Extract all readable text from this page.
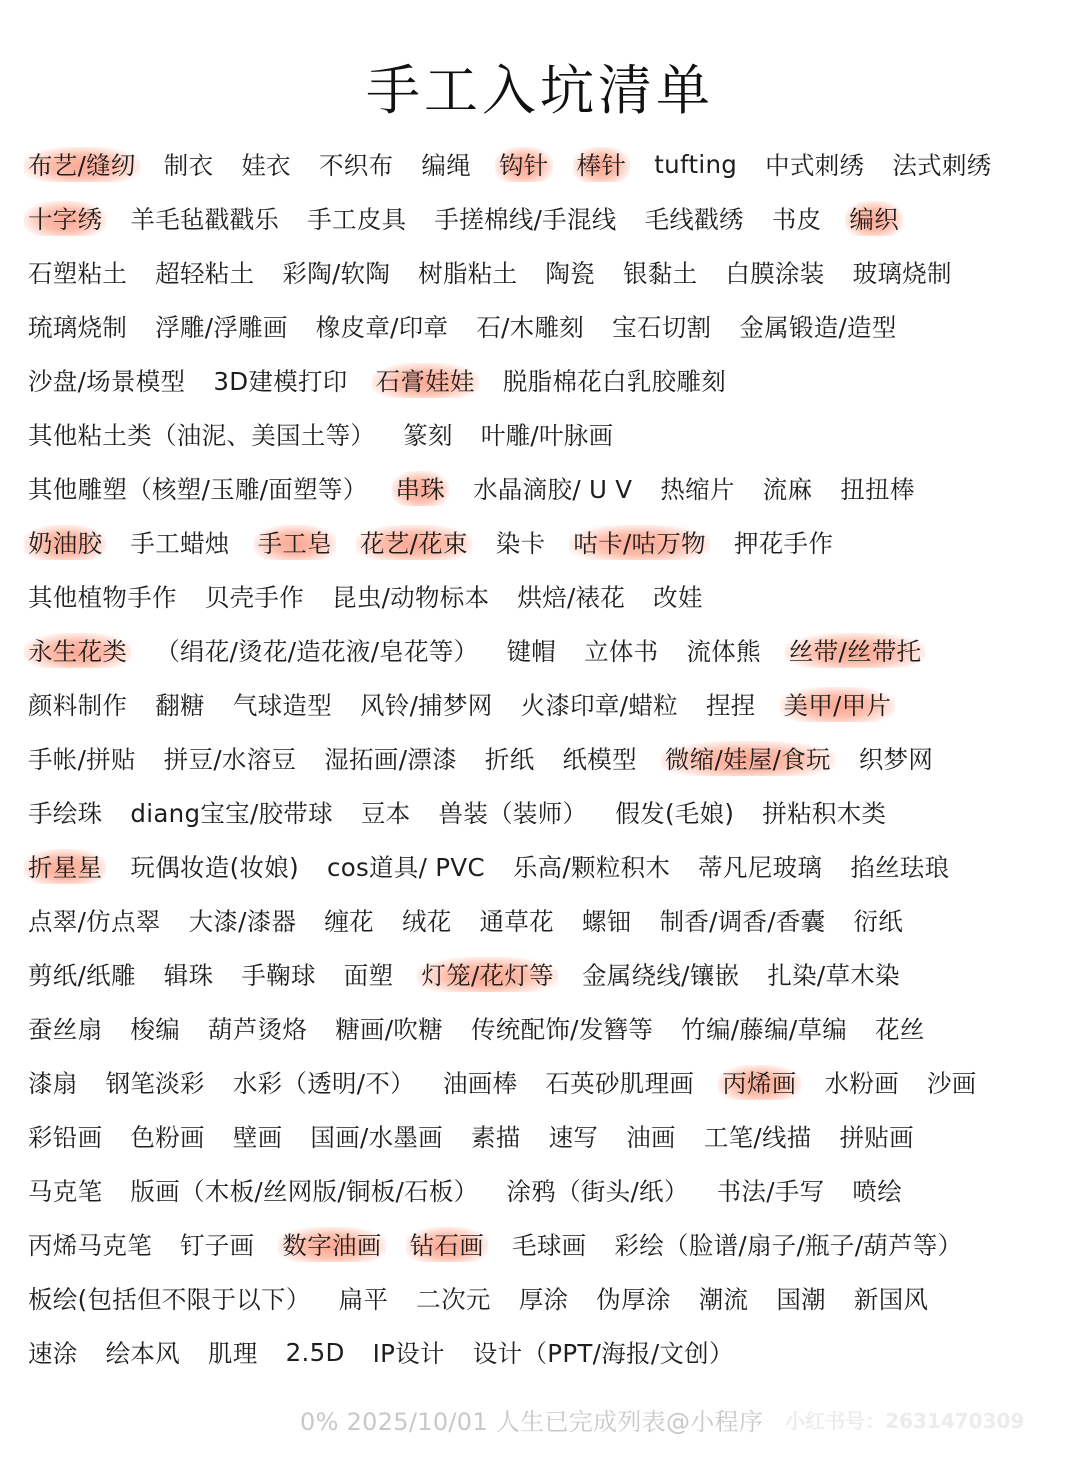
手工入坑清单
布艺/缝纫 制衣 娃衣 不织布 编绳 钩针 棒针 tufting 中式刺绣 法式刺绣
十字绣 羊毛毡戳戳乐 手工皮具 手搓棉线/手混线 毛线戳绣 书皮 编织
石塑粘土 超轻粘土 彩陶/软陶 树脂粘土 陶瓷 银黏土 白膜涂装 玻璃烧制
琉璃烧制 浮雕/浮雕画 橡皮章/印章 石/木雕刻 宝石切割 金属锻造/造型
沙盘/场景模型 3D建模打印 石膏娃娃 脱脂棉花白乳胶雕刻
其他粘土类（油泥、美国土等） 篆刻 叶雕/叶脉画
其他雕塑（核塑/玉雕/面塑等） 串珠 水晶滴胶/ U V 热缩片 流麻 扭扭棒
奶油胶 手工蜡烛 手工皂 花艺/花束 染卡 咕卡/咕万物 押花手作
其他植物手作 贝壳手作 昆虫/动物标本 烘焙/裱花 改娃
永生花类 （绢花/烫花/造花液/皂花等） 键帽 立体书 流体熊 丝带/丝带托
颜料制作 翻糖 气球造型 风铃/捕梦网 火漆印章/蜡粒 捏捏 美甲/甲片
手帐/拼贴 拼豆/水溶豆 湿拓画/漂漆 折纸 纸模型 微缩/娃屋/食玩 织梦网
手绘珠 diang宝宝/胶带球 豆本 兽装（装师） 假发(毛娘) 拼粘积木类
折星星 玩偶妆造(妆娘) cos道具/ PVC 乐高/颗粒积木 蒂凡尼玻璃 掐丝珐琅
点翠/仿点翠 大漆/漆器 缠花 绒花 通草花 螺钿 制香/调香/香囊 衍纸
剪纸/纸雕 辑珠 手鞠球 面塑 灯笼/花灯等 金属绕线/镶嵌 扎染/草木染
蚕丝扇 梭编 葫芦烫烙 糖画/吹糖 传统配饰/发簪等 竹编/藤编/草编 花丝
漆扇 钢笔淡彩 水彩（透明/不） 油画棒 石英砂肌理画 丙烯画 水粉画 沙画
彩铅画 色粉画 壁画 国画/水墨画 素描 速写 油画 工笔/线描 拼贴画
马克笔 版画（木板/丝网版/铜板/石板） 涂鸦（街头/纸） 书法/手写 喷绘
丙烯马克笔 钉子画 数字油画 钻石画 毛球画 彩绘（脸谱/扇子/瓶子/葫芦等）
板绘(包括但不限于以下） 扁平 二次元 厚涂 伪厚涂 潮流 国潮 新国风
速涂 绘本风 肌理 2.5D IP设计 设计（PPT/海报/文创）
0% 2025/10/01 人生已完成列表@小程序 小红书号：2631470309
